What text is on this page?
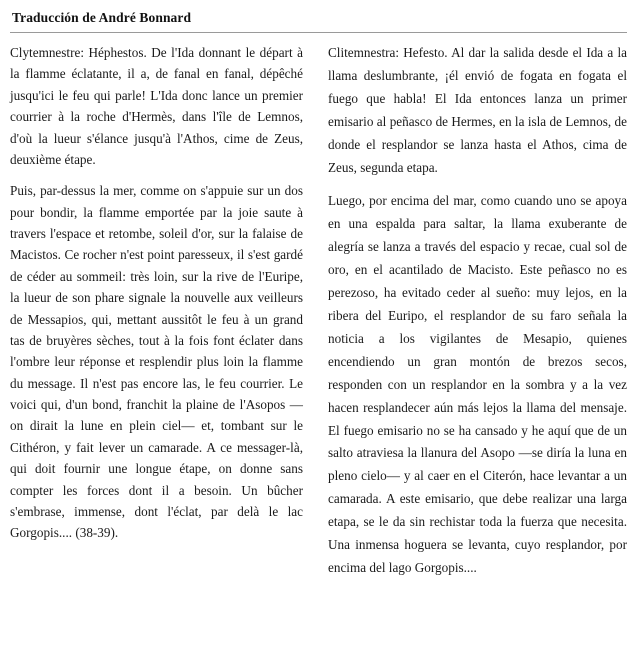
Traducción de André Bonnard

Clytemnestre: Héphestos. De l'Ida donnant le départ à la flamme éclatante, il a, de fanal en fanal, dépêché jusqu'ici le feu qui parle! L'Ida donc lance un premier courrier à la roche d'Hermès, dans l'île de Lemnos, d'où la lueur s'élance jusqu'à l'Athos, cime de Zeus, deuxième étape.

Puis, par-dessus la mer, comme on s'appuie sur un dos pour bondir, la flamme emportée par la joie saute à travers l'espace et retombe, soleil d'or, sur la falaise de Macistos. Ce rocher n'est point paresseux, il s'est gardé de céder au sommeil: très loin, sur la rive de l'Euripe, la lueur de son phare signale la nouvelle aux veilleurs de Messapios, qui, mettant aussitôt le feu à un grand tas de bruyères sèches, tout à la fois font éclater dans l'ombre leur réponse et resplendir plus loin la flamme du message. Il n'est pas encore las, le feu courrier. Le voici qui, d'un bond, franchit la plaine de l'Asopos —on dirait la lune en plein ciel— et, tombant sur le Cithéron, y fait lever un camarade. A ce messager-là, qui doit fournir une longue étape, on donne sans compter les forces dont il a besoin. Un bûcher s'embrase, immense, dont l'éclat, par delà le lac Gorgopis.... (38-39).

Clitemnestra: Hefesto. Al dar la salida desde el Ida a la llama deslumbrante, ¡él envió de fogata en fogata el fuego que habla! El Ida entonces lanza un primer emisario al peñasco de Hermes, en la isla de Lemnos, de donde el resplandor se lanza hasta el Athos, cima de Zeus, segunda etapa.

Luego, por encima del mar, como cuando uno se apoya en una espalda para saltar, la llama exuberante de alegría se lanza a través del espacio y recae, cual sol de oro, en el acantilado de Macisto. Este peñasco no es perezoso, ha evitado ceder al sueño: muy lejos, en la ribera del Euripo, el resplandor de su faro señala la noticia a los vigilantes de Mesapio, quienes encendiendo un gran montón de brezos secos, responden con un resplandor en la sombra y a la vez hacen resplandecer aún más lejos la llama del mensaje. El fuego emisario no se ha cansado y he aquí que de un salto atraviesa la llanura del Asopo —se diría la luna en pleno cielo— y al caer en el Citerón, hace levantar a un camarada. A este emisario, que debe realizar una larga etapa, se le da sin rechistar toda la fuerza que necesita. Una inmensa hoguera se levanta, cuyo resplandor, por encima del lago Gorgopis....
